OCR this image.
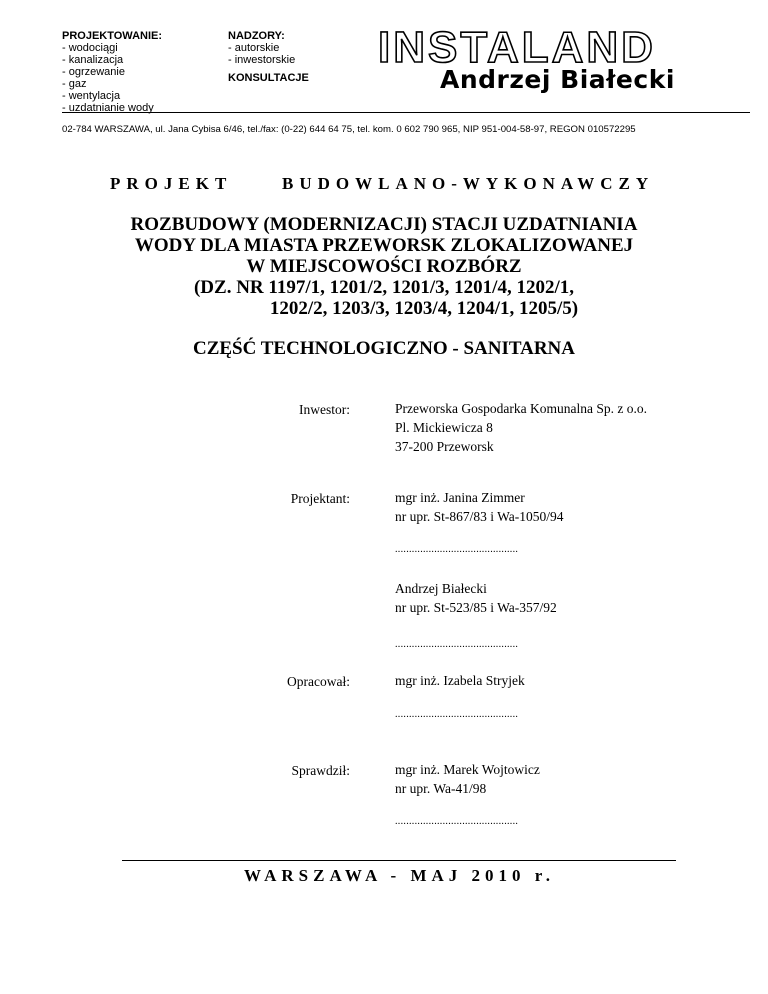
PROJEKTOWANIE:
- wodociągi
- kanalizacja
- ogrzewanie
- gaz
- wentylacja
- uzdatnianie wody
NADZORY:
- autorskie
- inwestorskie
KONSULTACJE
INSTALAND
Andrzej Białecki
02-784 WARSZAWA, ul. Jana Cybisa 6/46, tel./fax: (0-22) 644 64 75, tel. kom. 0 602 790 965, NIP 951-004-58-97, REGON 010572295
PROJEKT	BUDOWLANO-WYKONAWCZY
ROZBUDOWY (MODERNIZACJI) STACJI UZDATNIANIA
WODY DLA MIASTA PRZEWORSK ZLOKALIZOWANEJ
W MIEJSCOWOŚCI ROZBÓRZ
(DZ. NR 1197/1, 1201/2, 1201/3, 1201/4, 1202/1,
1202/2, 1203/3, 1203/4, 1204/1, 1205/5)
CZĘŚĆ TECHNOLOGICZNO - SANITARNA
Inwestor:	Przeworska Gospodarka Komunalna Sp. z o.o.
Pl. Mickiewicza 8
37-200 Przeworsk
Projektant:	mgr inż. Janina Zimmer
nr upr. St-867/83 i Wa-1050/94
............................................
Andrzej Białecki
nr upr. St-523/85 i Wa-357/92
............................................
Opracował:	mgr inż. Izabela Stryjek
............................................
Sprawdził:	mgr inż. Marek Wojtowicz
nr upr. Wa-41/98
............................................
WARSZAWA - MAJ 2010 r.
